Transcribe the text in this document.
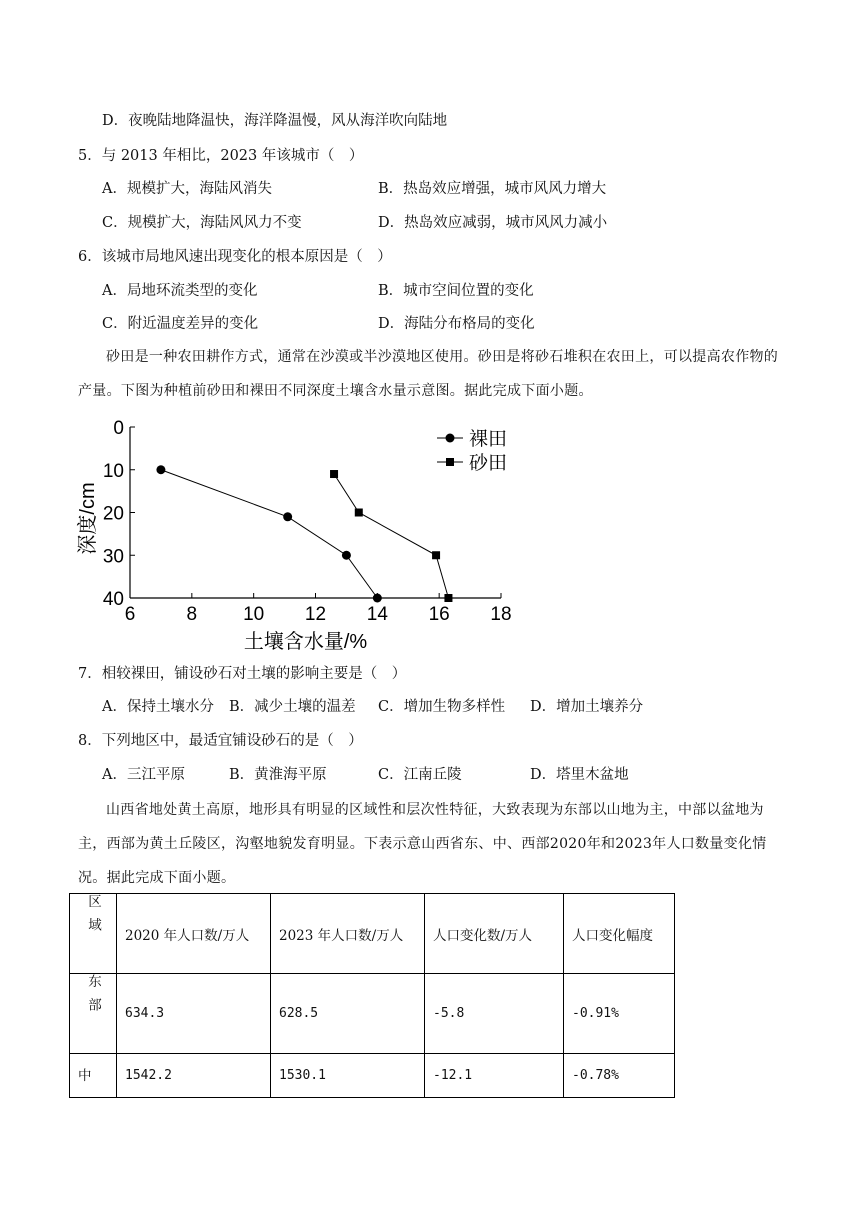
D．夜晚陆地降温快，海洋降温慢，风从海洋吹向陆地
5．与 2013 年相比，2023 年该城市（　）
A．规模扩大，海陆风消失	B．热岛效应增强，城市风风力增大
C．规模扩大，海陆风风力不变	D．热岛效应减弱，城市风风力减小
6．该城市局地风速出现变化的根本原因是（　）
A．局地环流类型的变化	B．城市空间位置的变化
C．附近温度差异的变化	D．海陆分布格局的变化
砂田是一种农田耕作方式，通常在沙漠或半沙漠地区使用。砂田是将砂石堆积在农田上，可以提高农作物的产量。下图为种植前砂田和裸田不同深度土壤含水量示意图。据此完成下面小题。
6	8 10 12 14 16 18
0
10
20
30
40
土壤含水量/%
深度/cm
裸田
砂田
7．相较裸田，铺设砂石对土壤的影响主要是（　）
A．保持土壤水分 B．减少土壤的温差 C．增加生物多样性 D．增加土壤养分
8．下列地区中，最适宜铺设砂石的是（　）
A．三江平原	B．黄淮海平原	C．江南丘陵	D．塔里木盆地
山西省地处黄土高原，地形具有明显的区域性和层次性特征，大致表现为东部以山地为主，中部以盆地为主，西部为黄土丘陵区，沟壑地貌发育明显。下表示意山西省东、中、西部2020年和2023年人口数量变化情况。据此完成下面小题。
区域	2020 年人口数/万人	2023 年人口数/万人	人口变化数/万人	人口变化幅度
东部	634.3	628.5	-5.8	-0.91%
中	1542.2	1530.1	-12.1	-0.78%
